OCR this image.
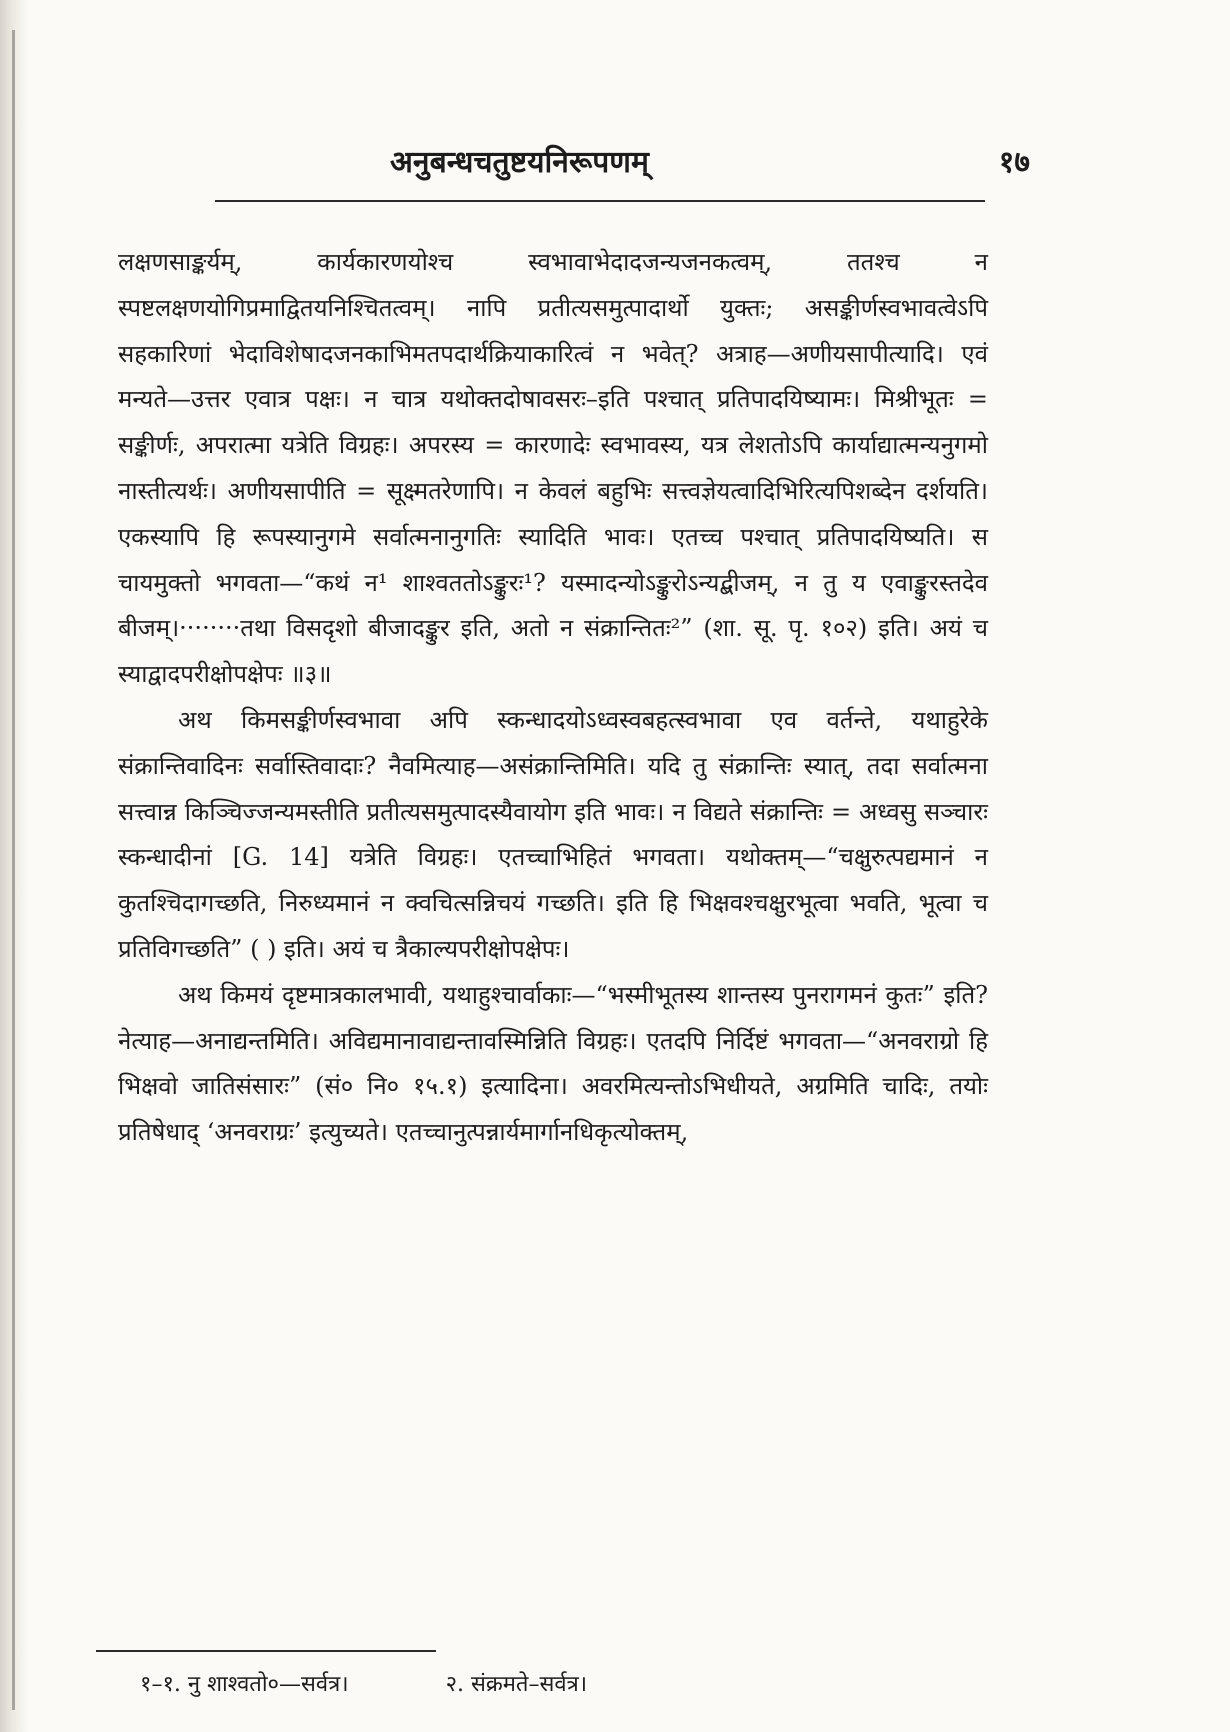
अनुबन्धचतुष्टयनिरूपणम्	१७

लक्षणसाङ्कर्यम्, कार्यकारणयोश्च स्वभावाभेदादजन्यजनकत्वम्, ततश्च न स्पष्टलक्षणयोगिप्रमाद्वितयनिश्चितत्वम्। नापि प्रतीत्यसमुत्पादार्थो युक्तः; असङ्कीर्णस्वभावत्वेऽपि सहकारिणां भेदाविशेषादजनकाभिमतपदार्थक्रियाकारित्वं न भवेत्? अत्राह—अणीयसापीत्यादि। एवं मन्यते—उत्तर एवात्र पक्षः। न चात्र यथोक्तदोषावसरः–इति पश्चात् प्रतिपादयिष्यामः। मिश्रीभूतः = सङ्कीर्णः, अपरात्मा यत्रेति विग्रहः। अपरस्य = कारणादेः स्वभावस्य, यत्र लेशतोऽपि कार्याद्यात्मन्यनुगमो नास्तीत्यर्थः। अणीयसापीति = सूक्ष्मतरेणापि। न केवलं बहुभिः सत्त्वज्ञेयत्वादिभिरित्यपिशब्देन दर्शयति। एकस्यापि हि रूपस्यानुगमे सर्वात्मनानुगतिः स्यादिति भावः। एतच्च पश्चात् प्रतिपादयिष्यति। स चायमुक्तो भगवता—“कथं न¹ शाश्वततोऽङ्कुरः¹? यस्मादन्योऽङ्कुरोऽन्यद्बीजम्, न तु य एवाङ्कुरस्तदेव बीजम्।········तथा विसदृशो बीजादङ्कुर इति, अतो न संक्रान्तितः²” (शा. सू. पृ. १०२) इति। अयं च स्याद्वादपरीक्षोपक्षेपः ॥३॥

अथ किमसङ्कीर्णस्वभावा अपि स्कन्धादयोऽध्वस्वबहत्स्वभावा एव वर्तन्ते, यथाहुरेके संक्रान्तिवादिनः सर्वास्तिवादाः? नैवमित्याह—असंक्रान्तिमिति। यदि तु संक्रान्तिः स्यात्, तदा सर्वात्मना सत्त्वान्न किञ्चिज्जन्यमस्तीति प्रतीत्यसमुत्पादस्यैवायोग इति भावः। न विद्यते संक्रान्तिः = अध्वसु सञ्चारः स्कन्धादीनां [G. 14] यत्रेति विग्रहः। एतच्चाभिहितं भगवता। यथोक्तम्—“चक्षुरुत्पद्यमानं न कुतश्चिदागच्छति, निरुध्यमानं न क्वचित्सन्निचयं गच्छति। इति हि भिक्षवश्चक्षुरभूत्वा भवति, भूत्वा च प्रतिविगच्छति” ( ) इति। अयं च त्रैकाल्यपरीक्षोपक्षेपः।

अथ किमयं दृष्टमात्रकालभावी, यथाहुश्चार्वाकाः—“भस्मीभूतस्य शान्तस्य पुनरागमनं कुतः” इति? नेत्याह—अनाद्यन्तमिति। अविद्यमानावाद्यन्तावस्मिन्निति विग्रहः। एतदपि निर्दिष्टं भगवता—“अनवराग्रो हि भिक्षवो जातिसंसारः” (सं० नि० १५.१) इत्यादिना। अवरमित्यन्तोऽभिधीयते, अग्रमिति चादिः, तयोः प्रतिषेधाद् ‘अनवराग्रः’ इत्युच्यते। एतच्चानुत्पन्नार्यमार्गानधिकृत्योक्तम्,

१–१. नु शाश्वतो०—सर्वत्र।	२. संक्रमते–सर्वत्र।
